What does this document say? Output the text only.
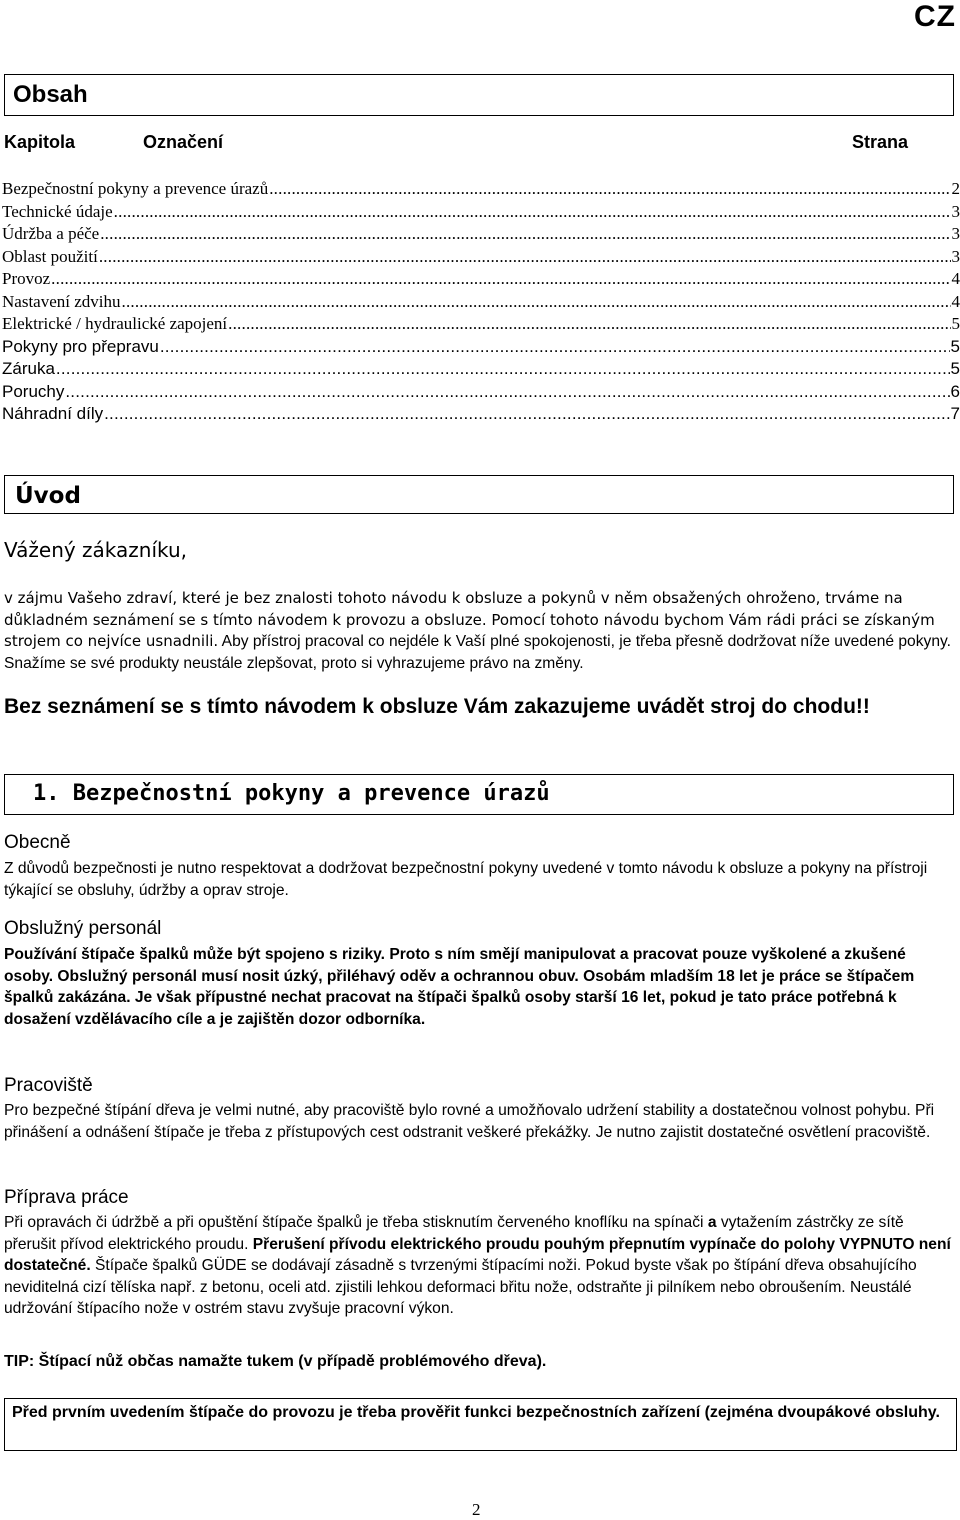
CZ
Obsah
Kapitola	Označení	Strana
Bezpečnostní pokyny a prevence úrazů .....	2
Technické údaje .....	3
Údržba a péče .....	3
Oblast použití .....	3
Provoz .....	4
Nastavení zdvihu .....	4
Elektrické / hydraulické zapojení .....	5
Pokyny pro přepravu .....	5
Záruka .....	5
Poruchy .....	6
Náhradní díly .....	7
Úvod
Vážený zákazníku,
v zájmu Vašeho zdraví, které je bez znalosti tohoto návodu k obsluze a pokynů v něm obsažených ohroženo, trváme na důkladném seznámení se s tímto návodem k provozu a obsluze. Pomocí tohoto návodu bychom Vám rádi práci se získaným strojem co nejvíce usnadnili. Aby přístroj pracoval co nejdéle k Vaší plné spokojenosti, je třeba přesně dodržovat níže uvedené pokyny. Snažíme se své produkty neustále zlepšovat, proto si vyhrazujeme právo na změny.
Bez seznámení se s tímto návodem k obsluze Vám zakazujeme uvádět stroj do chodu!!
1. Bezpečnostní pokyny a prevence úrazů
Obecně
Z důvodů bezpečnosti je nutno respektovat a dodržovat bezpečnostní pokyny uvedené v tomto návodu k obsluze a pokyny na přístroji týkající se obsluhy, údržby a oprav stroje.
Obslužný personál
Používání štípače špalků může být spojeno s riziky. Proto s ním smějí manipulovat a pracovat pouze vyškolené a zkušené osoby. Obslužný personál musí nosit úzký, přiléhavý oděv a ochrannou obuv. Osobám mladším 18 let je práce se štípačem špalků zakázána. Je však přípustné nechat pracovat na štípači špalků osoby starší 16 let, pokud je tato práce potřebná k dosažení vzdělávacího cíle a je zajištěn dozor odborníka.
Pracoviště
Pro bezpečné štípání dřeva je velmi nutné, aby pracoviště bylo rovné a umožňovalo udržení stability a dostatečnou volnost pohybu. Při přinášení a odnášení štípače je třeba z přístupových cest odstranit veškeré překážky. Je nutno zajistit dostatečné osvětlení pracoviště.
Příprava práce
Při opravách či údržbě a při opuštění štípače špalků je třeba stisknutím červeného knoflíku na spínači a vytažením zástrčky ze sítě přerušit přívod elektrického proudu. Přerušení přívodu elektrického proudu pouhým přepnutím vypínače do polohy VYPNUTO není dostatečné. Štípače špalků GÜDE se dodávají zásadně s tvrzenými štípacími noži. Pokud byste však po štípání dřeva obsahujícího neviditelná cizí tělíska např. z betonu, oceli atd. zjistili lehkou deformaci břitu nože, odstraňte ji pilníkem nebo obroušením. Neustálé udržování štípacího nože v ostrém stavu zvyšuje pracovní výkon.
TIP: Štípací nůž občas namažte tukem (v případě problémového dřeva).
Před prvním uvedením štípače do provozu je třeba prověřit funkci bezpečnostních zařízení (zejména dvoupákové obsluhy.
2
